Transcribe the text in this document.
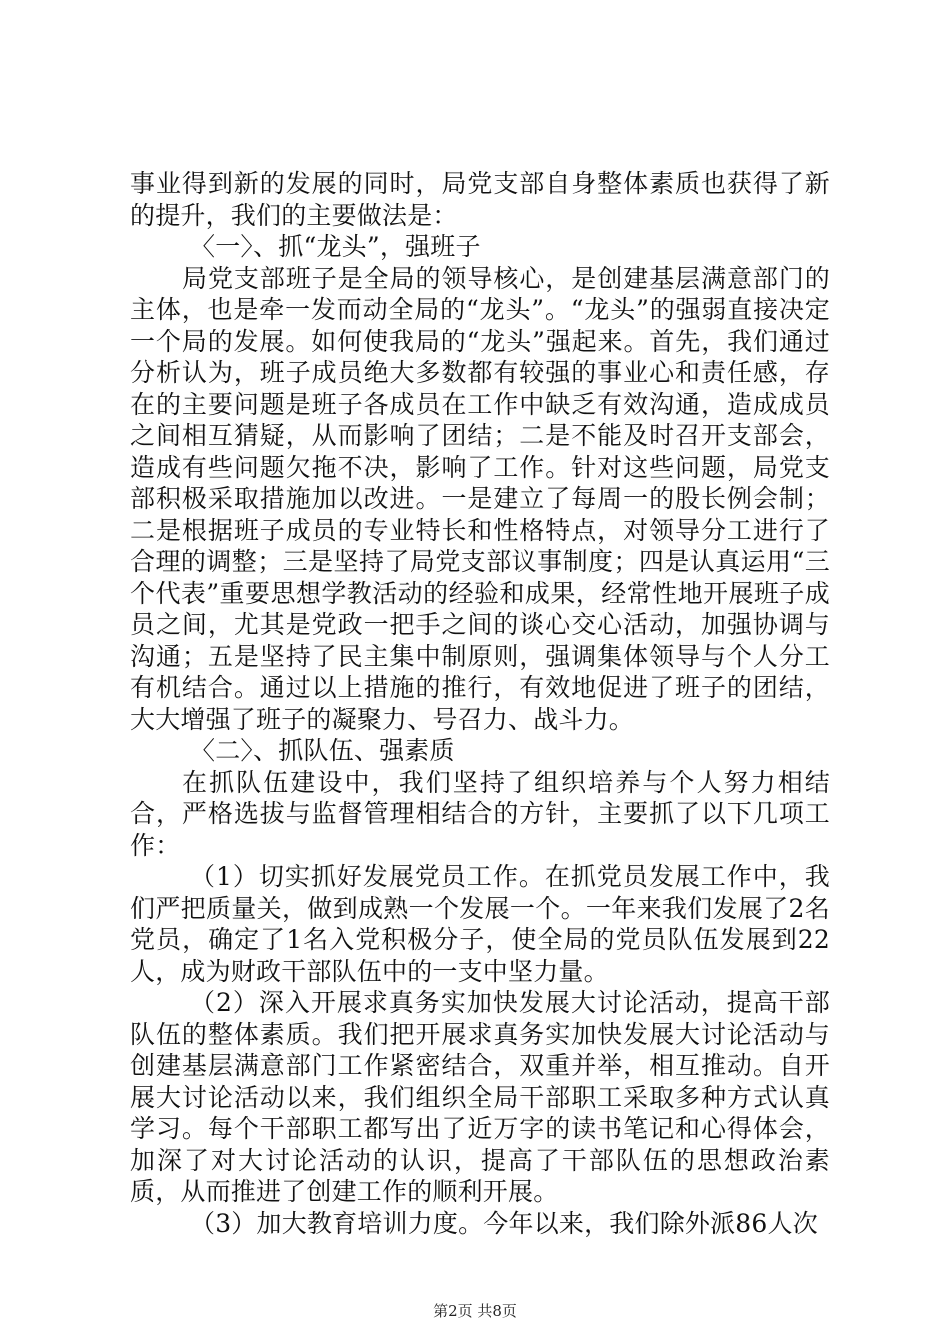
事业得到新的发展的同时，局党支部自身整体素质也获得了新的提升，我们的主要做法是：

〈一〉、抓“龙头”，强班子

局党支部班子是全局的领导核心，是创建基层满意部门的主体，也是牵一发而动全局的“龙头”。“龙头”的强弱直接决定一个局的发展。如何使我局的“龙头”强起来。首先，我们通过分析认为，班子成员绝大多数都有较强的事业心和责任感，存在的主要问题是班子各成员在工作中缺乏有效沟通，造成成员之间相互猜疑，从而影响了团结；二是不能及时召开支部会，造成有些问题欠拖不决，影响了工作。针对这些问题，局党支部积极采取措施加以改进。一是建立了每周一的股长例会制；二是根据班子成员的专业特长和性格特点，对领导分工进行了合理的调整；三是坚持了局党支部议事制度；四是认真运用“三个代表”重要思想学教活动的经验和成果，经常性地开展班子成员之间，尤其是党政一把手之间的谈心交心活动，加强协调与沟通；五是坚持了民主集中制原则，强调集体领导与个人分工有机结合。通过以上措施的推行，有效地促进了班子的团结，大大增强了班子的凝聚力、号召力、战斗力。

〈二〉、抓队伍、强素质

在抓队伍建设中，我们坚持了组织培养与个人努力相结合，严格选拔与监督管理相结合的方针，主要抓了以下几项工作：

（1）切实抓好发展党员工作。在抓党员发展工作中，我们严把质量关，做到成熟一个发展一个。一年来我们发展了2名党员，确定了1名入党积极分子，使全局的党员队伍发展到22人，成为财政干部队伍中的一支中坚力量。

（2）深入开展求真务实加快发展大讨论活动，提高干部队伍的整体素质。我们把开展求真务实加快发展大讨论活动与创建基层满意部门工作紧密结合，双重并举，相互推动。自开展大讨论活动以来，我们组织全局干部职工采取多种方式认真学习。每个干部职工都写出了近万字的读书笔记和心得体会，加深了对大讨论活动的认识，提高了干部队伍的思想政治素质，从而推进了创建工作的顺利开展。

（3）加大教育培训力度。今年以来，我们除外派86人次

第2页 共8页
